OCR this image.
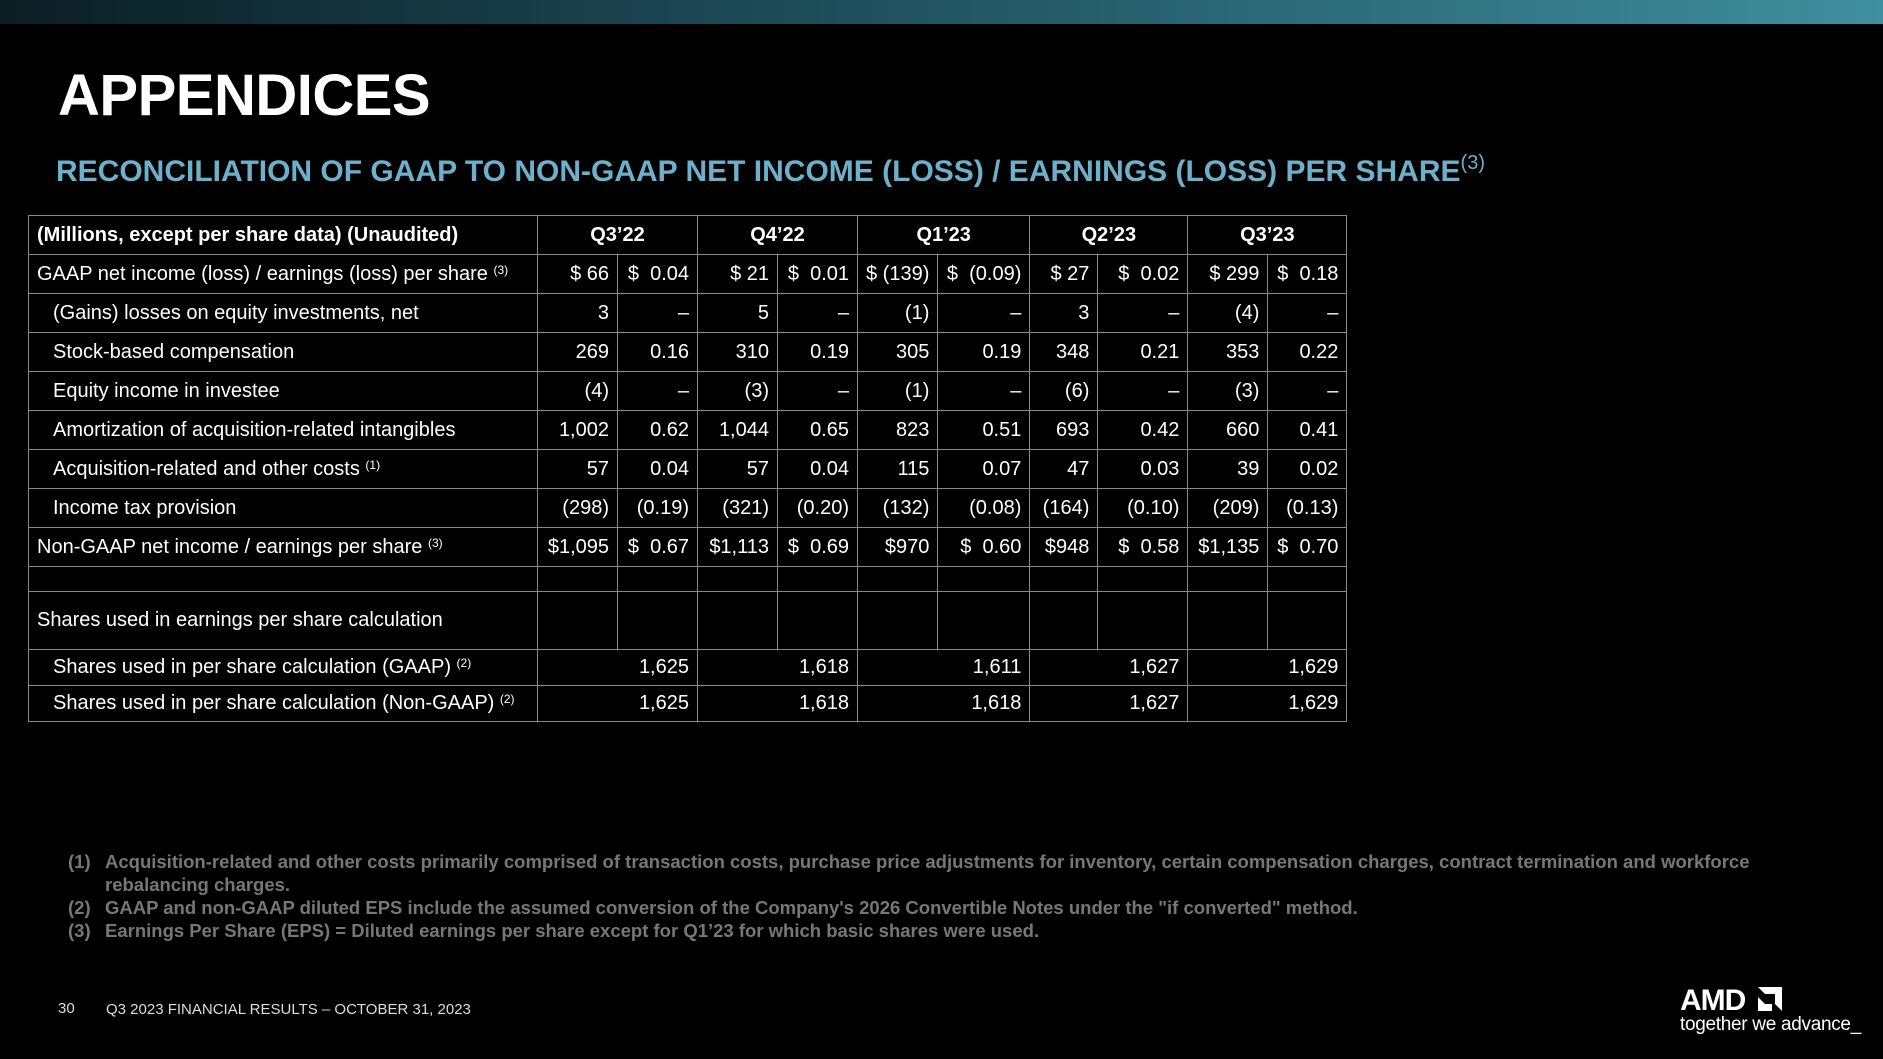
APPENDICES
RECONCILIATION OF GAAP TO NON-GAAP NET INCOME (LOSS) / EARNINGS (LOSS) PER SHARE$^{(3)}$
(Millions, except per share data) (Unaudited)	Q3’22		Q4’22		Q1’23		Q2’23		Q3’23	
GAAP net income (loss) / earnings (loss) per share $^{(3)}$	$ 66	$  0.04	$ 21	$  0.01	$ (139)	$  (0.09)	$ 27	$  0.02	$ 299	$  0.18
(Gains) losses on equity investments, net	3	–	5	–	(1)	–	3	–	(4)	–
Stock-based compensation	269	0.16	310	0.19	305	0.19	348	0.21	353	0.22
Equity income in investee	(4)	–	(3)	–	(1)	–	(6)	–	(3)	–
Amortization of acquisition-related intangibles	1,002	0.62	1,044	0.65	823	0.51	693	0.42	660	0.41
Acquisition-related and other costs $^{(1)}$	57	0.04	57	0.04	115	0.07	47	0.03	39	0.02
Income tax provision	(298)	(0.19)	(321)	(0.20)	(132)	(0.08)	(164)	(0.10)	(209)	(0.13)
Non-GAAP net income / earnings per share $^{(3)}$	$1,095	$  0.67	$1,113	$  0.69	$970	$  0.60	$948	$  0.58	$1,135	$  0.70

Shares used in earnings per share calculation										
Shares used in per share calculation (GAAP) $^{(2)}$	1,625		1,618		1,611		1,627		1,629	
Shares used in per share calculation (Non-GAAP) $^{(2)}$	1,625		1,618		1,618		1,627		1,629	
(1) Acquisition-related and other costs primarily comprised of transaction costs, purchase price adjustments for inventory, certain compensation charges, contract termination and workforce rebalancing charges.
(2) GAAP and non-GAAP diluted EPS include the assumed conversion of the Company's 2026 Convertible Notes under the "if converted" method.
(3) Earnings Per Share (EPS) = Diluted earnings per share except for Q1’23 for which basic shares were used.
30 Q3 2023 FINANCIAL RESULTS – OCTOBER 31, 2023	AMD
together we advance_
